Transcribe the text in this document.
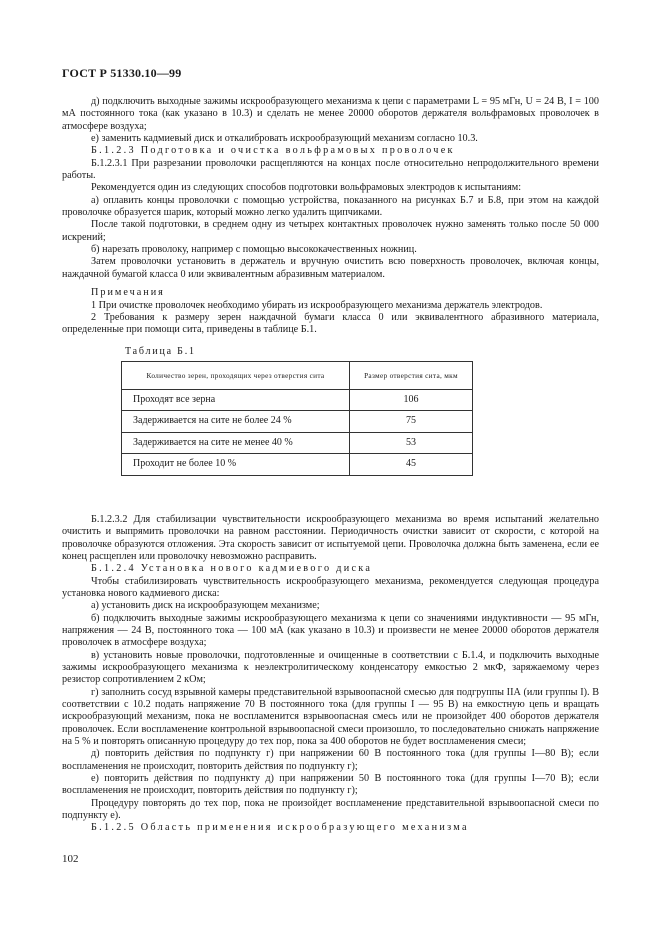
ГОСТ Р 51330.10—99

д) подключить выходные зажимы искрообразующего механизма к цепи с параметрами L = 95 мГн, U = 24 В, I = 100 мА постоянного тока (как указано в 10.3) и сделать не менее 20000 оборотов держателя вольфрамовых проволочек в атмосфере воздуха;

е) заменить кадмиевый диск и откалибровать искрообразующий механизм согласно 10.3.

Б.1.2.3 Подготовка и очистка вольфрамовых проволочек

Б.1.2.3.1 При разрезании проволочки расщепляются на концах после относительно непродолжительного времени работы.

Рекомендуется один из следующих способов подготовки вольфрамовых электродов к испытаниям:

а) оплавить концы проволочки с помощью устройства, показанного на рисунках Б.7 и Б.8, при этом на каждой проволочке образуется шарик, который можно легко удалить щипчиками.

После такой подготовки, в среднем одну из четырех контактных проволочек нужно заменять только после 50 000 искрений;

б) нарезать проволоку, например с помощью высококачественных ножниц.

Затем проволочки установить в держатель и вручную очистить всю поверхность проволочек, включая концы, наждачной бумагой класса 0 или эквивалентным абразивным материалом.

Примечания

1 При очистке проволочек необходимо убирать из искрообразующего механизма держатель электродов.

2 Требования к размеру зерен наждачной бумаги класса 0 или эквивалентного абразивного материала, определенные при помощи сита, приведены в таблице Б.1.

Таблица Б.1

Количество зерен, проходящих через отверстия сита	Размер отверстия сита, мкм
Проходят все зерна	106
Задерживается на сите не более 24 %	75
Задерживается на сите не менее 40 %	53
Проходит не более 10 %	45

Б.1.2.3.2 Для стабилизации чувствительности искрообразующего механизма во время испытаний желательно очистить и выпрямить проволочки на равном расстоянии. Периодичность очистки зависит от скорости, с которой на проволочке образуются отложения. Эта скорость зависит от испытуемой цепи. Проволочка должна быть заменена, если ее конец расщеплен или проволочку невозможно расправить.

Б.1.2.4 Установка нового кадмиевого диска

Чтобы стабилизировать чувствительность искрообразующего механизма, рекомендуется следующая процедура установка нового кадмиевого диска:

а) установить диск на искрообразующем механизме;

б) подключить выходные зажимы искрообразующего механизма к цепи со значениями индуктивности — 95 мГн, напряжения — 24 В, постоянного тока — 100 мА (как указано в 10.3) и произвести не менее 20000 оборотов держателя проволочек в атмосфере воздуха;

в) установить новые проволочки, подготовленные и очищенные в соответствии с Б.1.4, и подключить выходные зажимы искрообразующего механизма к неэлектролитическому конденсатору емкостью 2 мкФ, заряжаемому через резистор сопротивлением 2 кОм;

г) заполнить сосуд взрывной камеры представительной взрывоопасной смесью для подгруппы IIА (или группы I). В соответствии с 10.2 подать напряжение 70 В постоянного тока (для группы I — 95 В) на емкостную цепь и вращать искрообразующий механизм, пока не воспламенится взрывоопасная смесь или не произойдет 400 оборотов держателя проволочек. Если воспламенение контрольной взрывоопасной смеси произошло, то последовательно снижать напряжение на 5 % и повторять описанную процедуру до тех пор, пока за 400 оборотов не будет воспламенения смеси;

д) повторить действия по подпункту г) при напряжении 60 В постоянного тока (для группы I—80 В); если воспламенения не происходит, повторить действия по подпункту г);

е) повторить действия по подпункту д) при напряжении 50 В постоянного тока (для группы I—70 В); если воспламенения не происходит, повторить действия по подпункту г);

Процедуру повторять до тех пор, пока не произойдет воспламенение представительной взрывоопасной смеси по подпункту е).

Б.1.2.5 Область применения искрообразующего механизма

102
